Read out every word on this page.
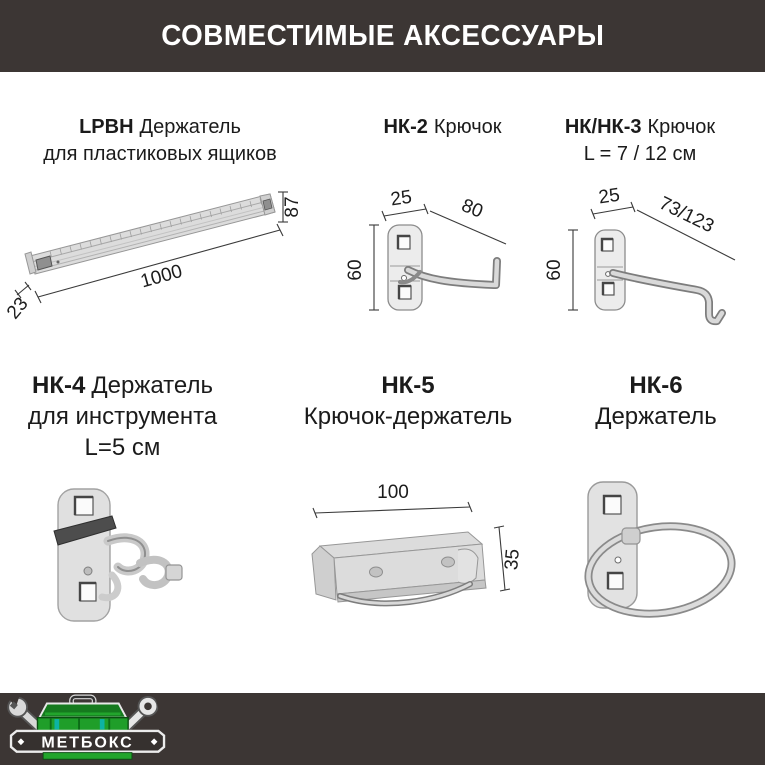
СОВМЕСТИМЫЕ АКСЕССУАРЫ
LPBH Держатель
для пластиковых ящиков
НК-2 Крючок	НК/НК-3 Крючок
L = 7 / 12 см
НК-4 Держатель
для инструмента
L=5 см
НК-5
Крючок-держатель
НК-6
Держатель
87
1000
23
25 80
60
25 73/123
60
100
35
МЕТБОКС
